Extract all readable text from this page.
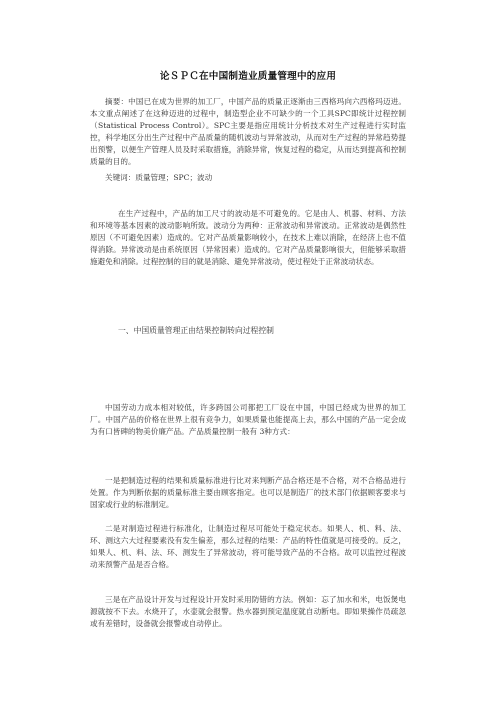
论ＳＰＣ在中国制造业质量管理中的应用
摘要：中国已在成为世界的加工厂，中国产品的质量正逐渐由三西格玛向六西格玛迈进。本文重点阐述了在这种迈进的过程中，制造型企业不可缺少的一个工具SPC即统计过程控制（Statistical Process Control）。SPC主要是指应用统计分析技术对生产过程进行实时监控，科学地区分出生产过程中产品质量的随机波动与异常波动，从而对生产过程的异常趋势提出预警，以便生产管理人员及时采取措施，消除异常，恢复过程的稳定，从而达到提高和控制质量的目的。
关键词：质量管理；SPC；波动
在生产过程中，产品的加工尺寸的波动是不可避免的。它是由人、机器、材料、方法和环境等基本因素的波动影响所致。波动分为两种：正常波动和异常波动。正常波动是偶然性原因（不可避免因素）造成的。它对产品质量影响较小，在技术上难以消除，在经济上也不值得消除。异常波动是由系统原因（异常因素）造成的。它对产品质量影响很大，但能够采取措施避免和消除。过程控制的目的就是消除、避免异常波动，使过程处于正常波动状态。
一、中国质量管理正由结果控制转向过程控制
中国劳动力成本相对较低，许多跨国公司都把工厂设在中国，中国已经成为世界的加工厂。中国产品的价格在世界上很有竞争力，如果质量也能提高上去，那么中国的产品一定会成为有口皆碑的物美价廉产品。产品质量控制一般有 3种方式：
一是把制造过程的结果和质量标准进行比对来判断产品合格还是不合格，对不合格品进行处置。作为判断依据的质量标准主要由顾客指定。也可以是制造厂的技术部门依据顾客要求与国家或行业的标准制定。
二是对制造过程进行标准化，让制造过程尽可能处于稳定状态。如果人、机、料、法、环、测这六大过程要素没有发生偏差，那么过程的结果：产品的特性值就是可接受的。反之，如果人、机、料、法、环、测发生了异常波动，将可能导致产品的不合格。故可以监控过程波动来预警产品是否合格。
三是在产品设计开发与过程设计开发时采用防错的方法。例如：忘了加水和米，电饭煲电源就按不下去。水烧开了，水壶就会报警。热水器到预定温度就自动断电。即如果操作员疏忽或有差错时，设备就会报警或自动停止。
